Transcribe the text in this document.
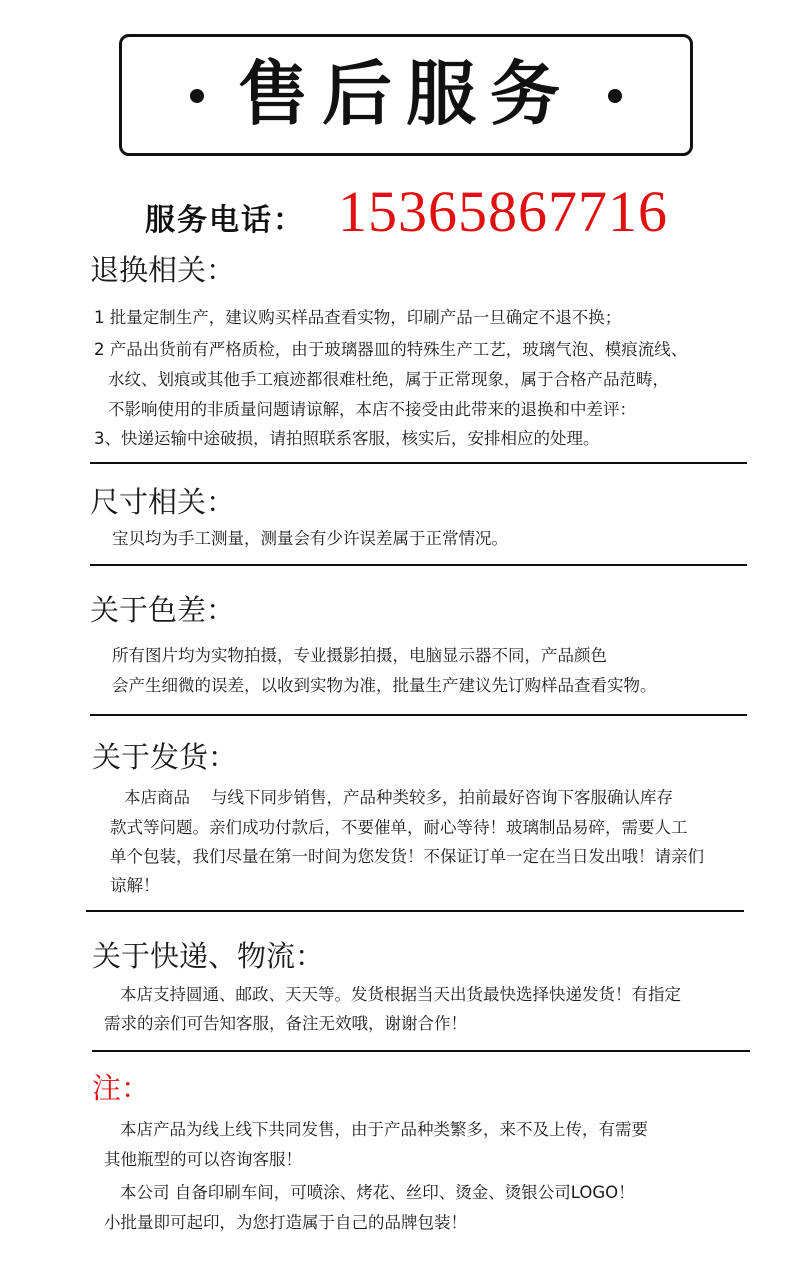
售后服务
服务电话： 15365867716
退换相关：
1 批量定制生产，建议购买样品查看实物，印刷产品一旦确定不退不换；
2 产品出货前有严格质检，由于玻璃器皿的特殊生产工艺，玻璃气泡、模痕流线、
水纹、划痕或其他手工痕迹都很难杜绝，属于正常现象，属于合格产品范畴，
不影响使用的非质量问题请谅解，本店不接受由此带来的退换和中差评：
3、快递运输中途破损，请拍照联系客服，核实后，安排相应的处理。
尺寸相关：
宝贝均为手工测量，测量会有少许误差属于正常情况。
关于色差：
所有图片均为实物拍摄，专业摄影拍摄，电脑显示器不同，产品颜色
会产生细微的误差，以收到实物为准，批量生产建议先订购样品查看实物。
关于发货：
本店商品    与线下同步销售，产品种类较多，拍前最好咨询下客服确认库存
款式等问题。亲们成功付款后，不要催单，耐心等待！玻璃制品易碎，需要人工
单个包装，我们尽量在第一时间为您发货！不保证订单一定在当日发出哦！请亲们
谅解！
关于快递、物流：
本店支持圆通、邮政、天天等。发货根据当天出货最快选择快递发货！有指定
需求的亲们可告知客服，备注无效哦，谢谢合作！
注：
本店产品为线上线下共同发售，由于产品种类繁多，来不及上传，有需要
其他瓶型的可以咨询客服！
本公司 自备印刷车间，可喷涂、烤花、丝印、烫金、烫银公司LOGO！
小批量即可起印，为您打造属于自己的品牌包装！
